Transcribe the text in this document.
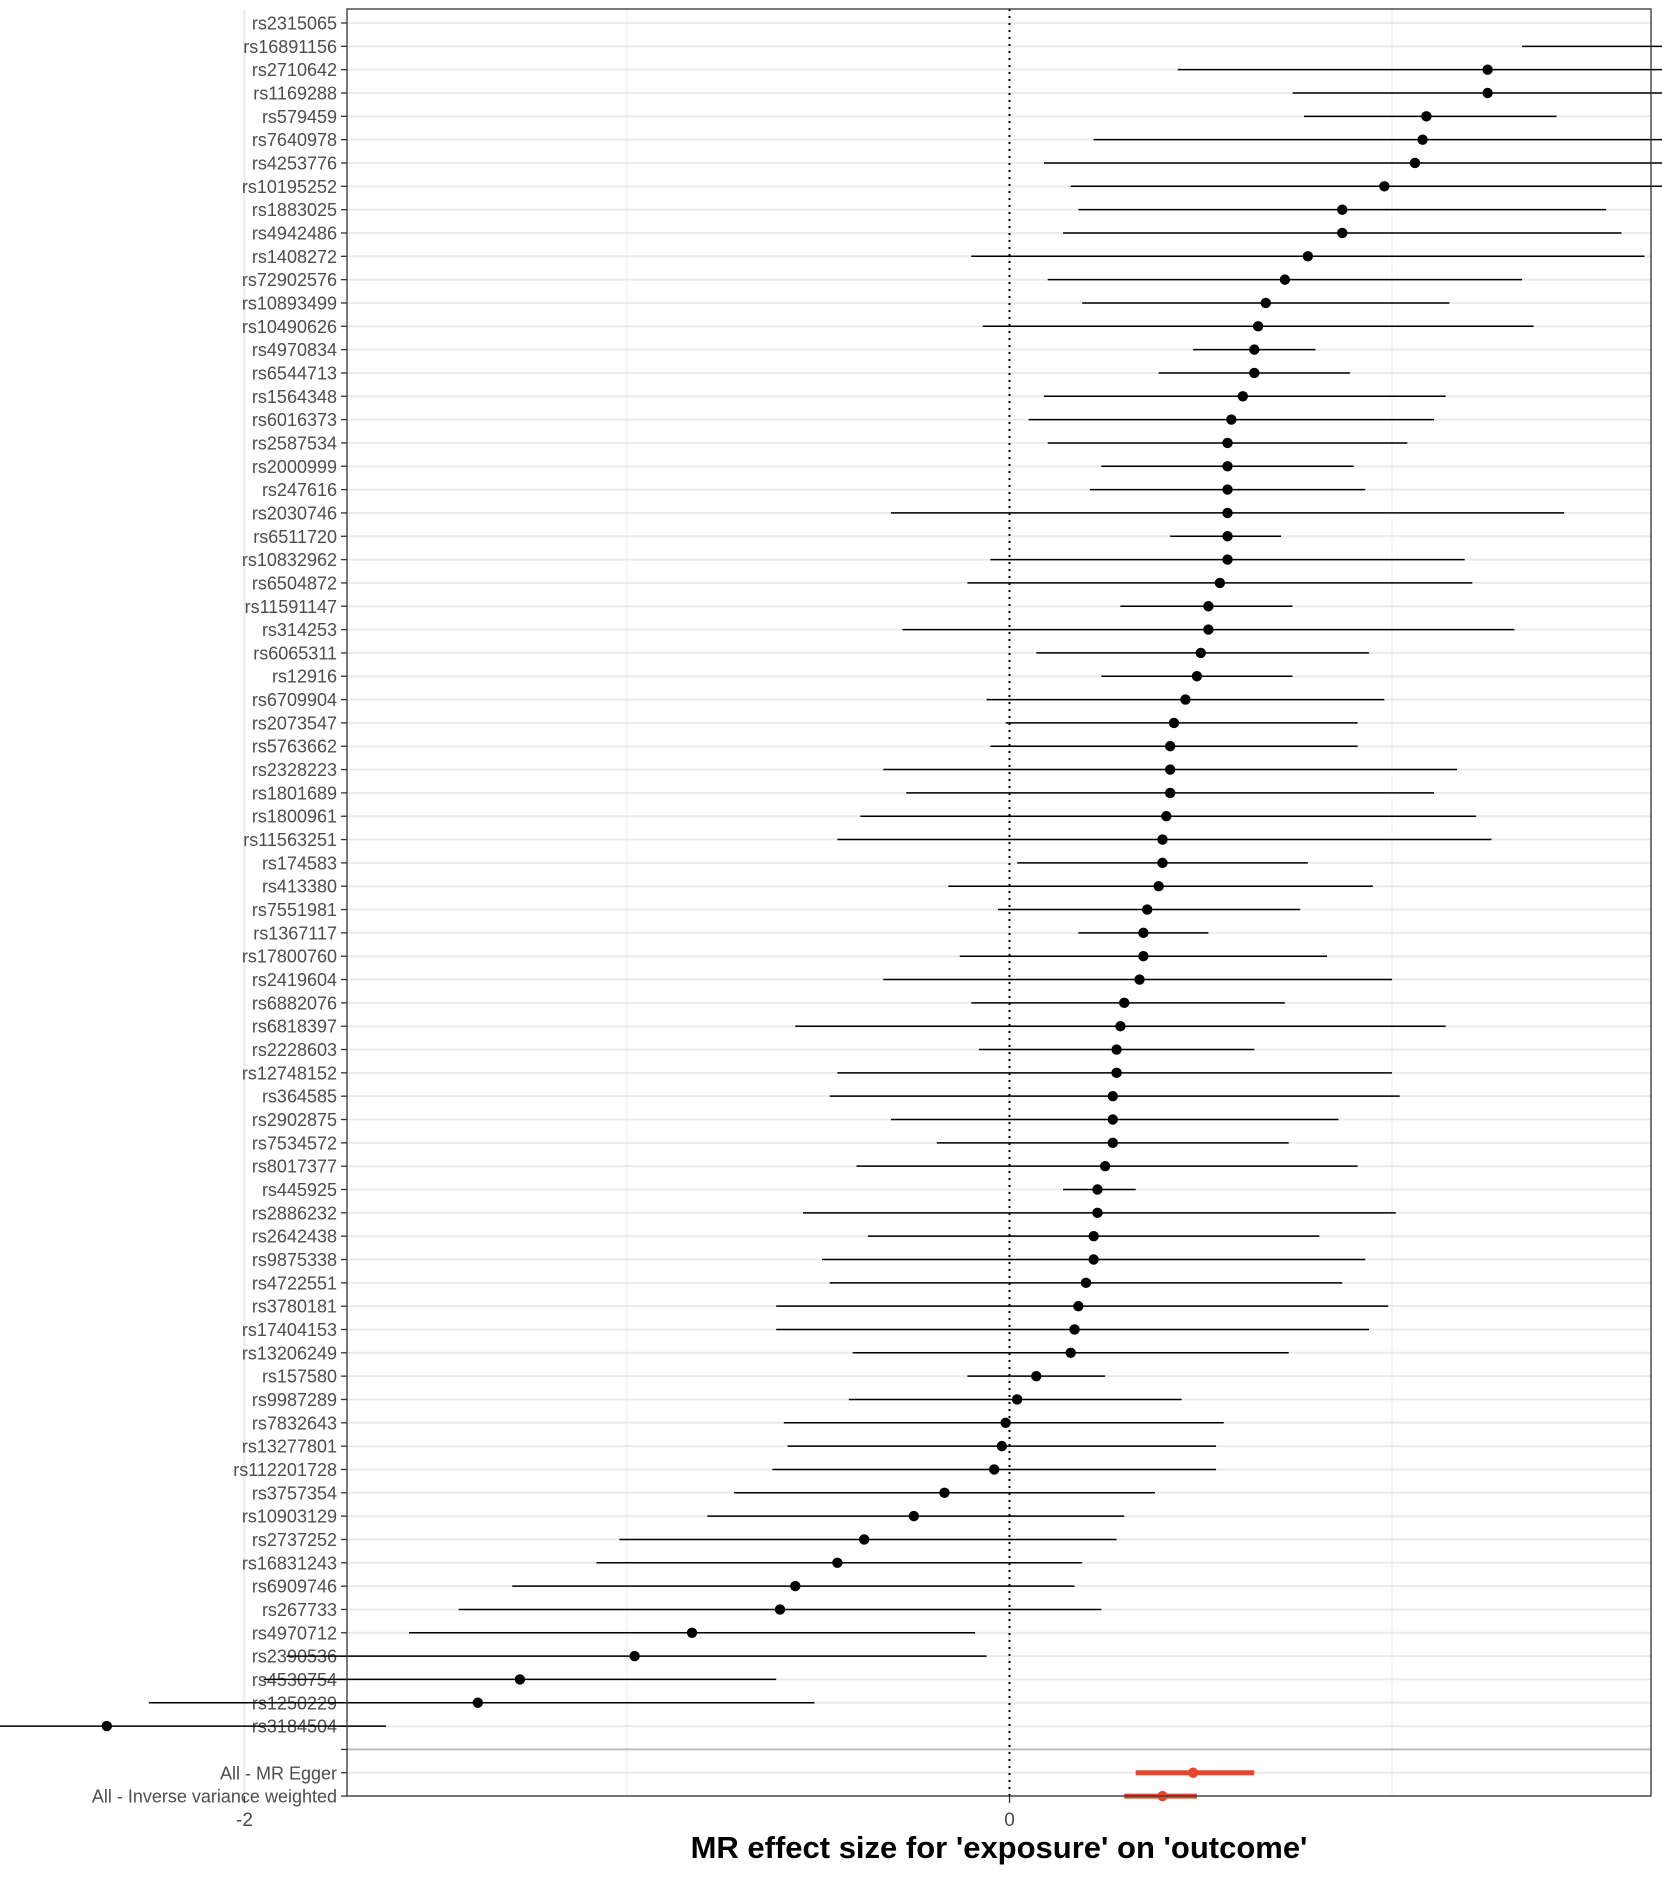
-2	0
rs2315065
rs16891156
rs2710642
rs1169288
rs579459
rs7640978
rs4253776
rs10195252
rs1883025
rs4942486
rs1408272
rs72902576
rs10893499
rs10490626
rs4970834
rs6544713
rs1564348
rs6016373
rs2587534
rs2000999
rs247616
rs2030746
rs6511720
rs10832962
rs6504872
rs11591147
rs314253
rs6065311
rs12916
rs6709904
rs2073547
rs5763662
rs2328223
rs1801689
rs1800961
rs11563251
rs174583
rs413380
rs7551981
rs1367117
rs17800760
rs2419604
rs6882076
rs6818397
rs2228603
rs12748152
rs364585
rs2902875
rs7534572
rs8017377
rs445925
rs2886232
rs2642438
rs9875338
rs4722551
rs3780181
rs17404153
rs13206249
rs157580
rs9987289
rs7832643
rs13277801
rs112201728
rs3757354
rs10903129
rs2737252
rs16831243
rs6909746
rs267733
rs4970712
rs2390536
rs4530754
rs1250229
rs3184504
All - MR Egger
All - Inverse variance weighted
MR effect size for 'exposure' on 'outcome'
